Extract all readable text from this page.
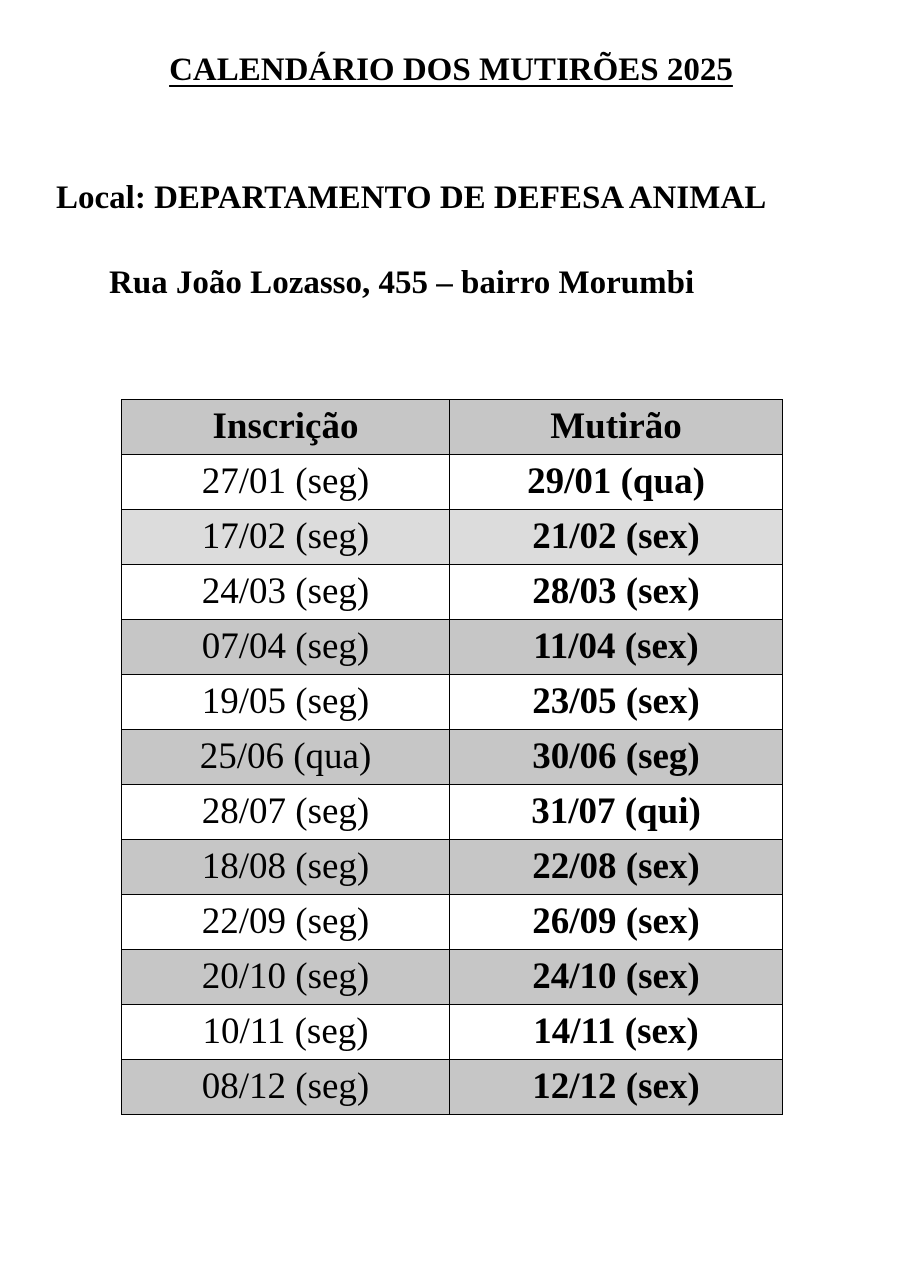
CALENDÁRIO DOS MUTIRÕES 2025
Local: DEPARTAMENTO DE DEFESA ANIMAL
Rua João Lozasso, 455 – bairro Morumbi
Inscrição	Mutirão
27/01 (seg)	29/01 (qua)
17/02 (seg)	21/02 (sex)
24/03 (seg)	28/03 (sex)
07/04 (seg)	11/04 (sex)
19/05 (seg)	23/05 (sex)
25/06 (qua)	30/06 (seg)
28/07 (seg)	31/07 (qui)
18/08 (seg)	22/08 (sex)
22/09 (seg)	26/09 (sex)
20/10 (seg)	24/10 (sex)
10/11 (seg)	14/11 (sex)
08/12 (seg)	12/12 (sex)
